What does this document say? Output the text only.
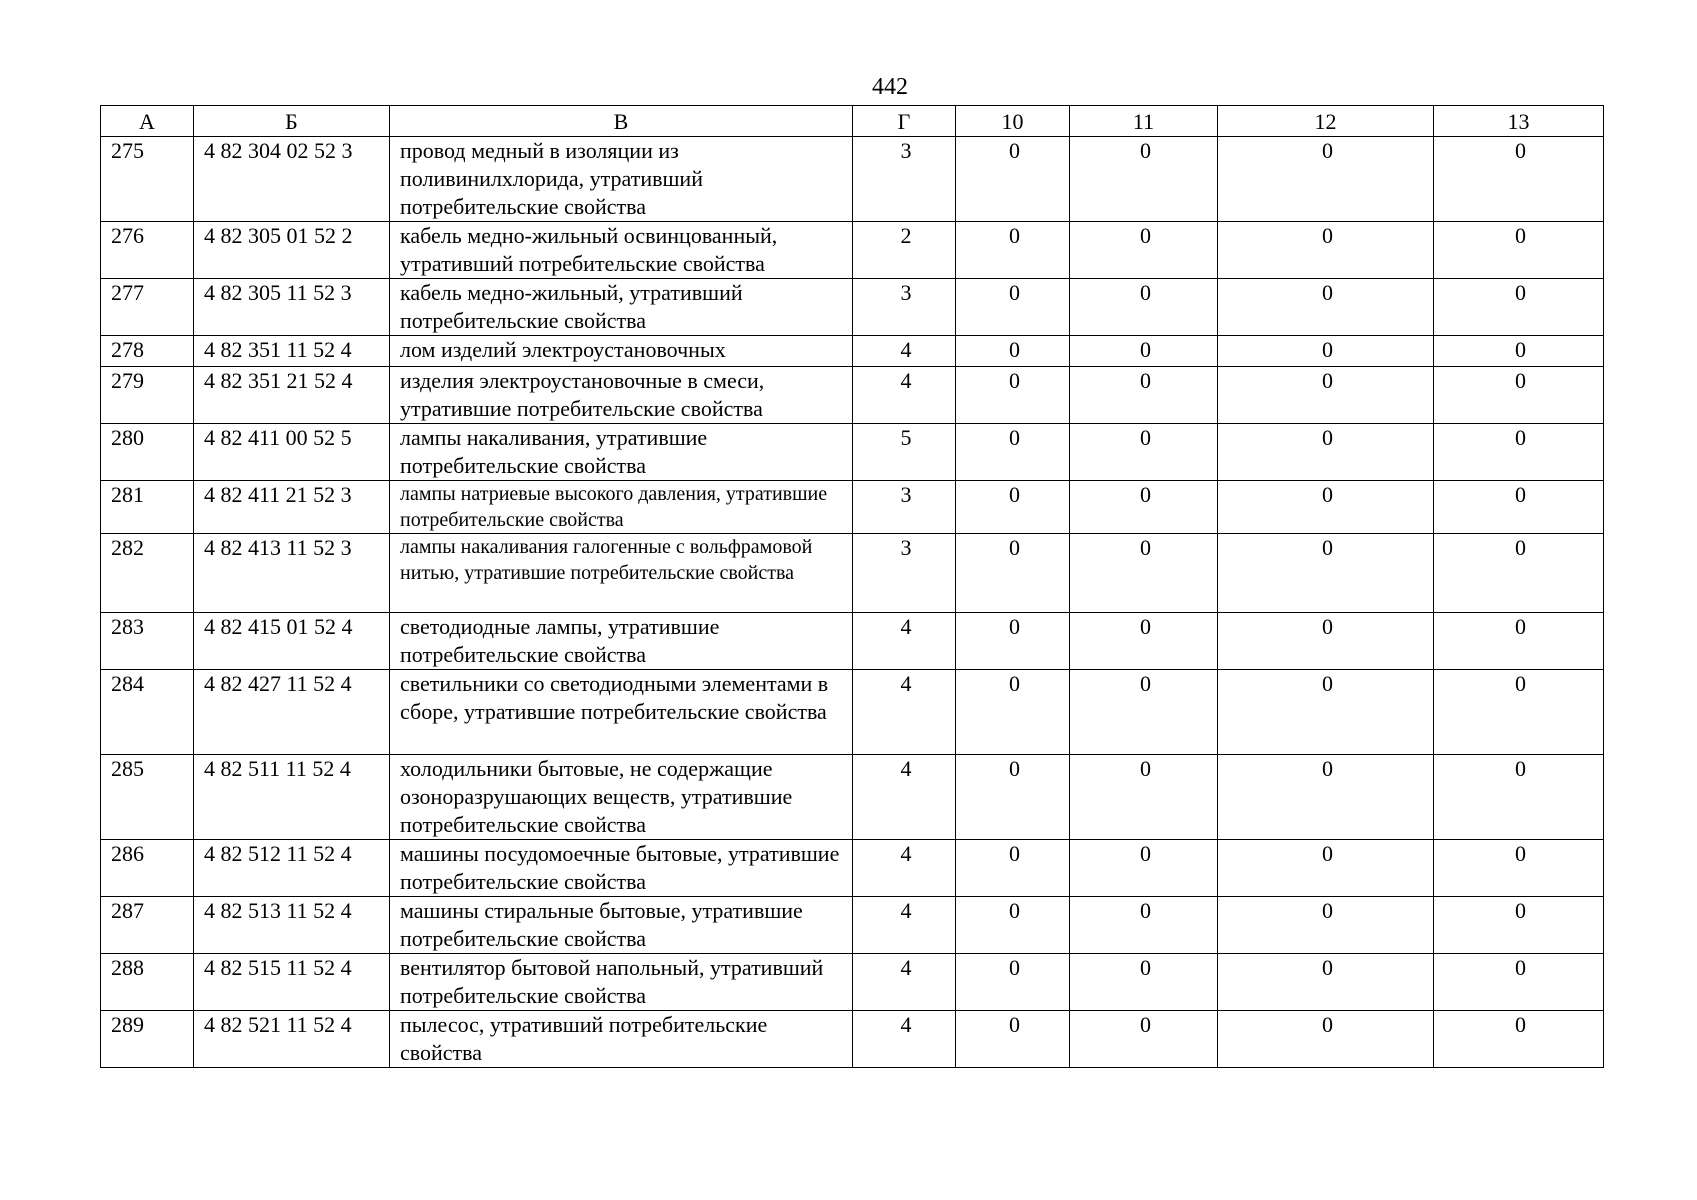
442
А	Б	В	Г	10	11	12	13
275	4 82 304 02 52 3	провод медный в изоляции из поливинилхлорида, утративший потребительские свойства	3	0	0	0	0
276	4 82 305 01 52 2	кабель медно-жильный освинцованный, утративший потребительские свойства	2	0	0	0	0
277	4 82 305 11 52 3	кабель медно-жильный, утративший потребительские свойства	3	0	0	0	0
278	4 82 351 11 52 4	лом изделий электроустановочных	4	0	0	0	0
279	4 82 351 21 52 4	изделия электроустановочные в смеси, утратившие потребительские свойства	4	0	0	0	0
280	4 82 411 00 52 5	лампы накаливания, утратившие потребительские свойства	5	0	0	0	0
281	4 82 411 21 52 3	лампы натриевые высокого давления, утратившие потребительские свойства	3	0	0	0	0
282	4 82 413 11 52 3	лампы накаливания галогенные с вольфрамовой нитью, утратившие потребительские свойства	3	0	0	0	0
283	4 82 415 01 52 4	светодиодные лампы, утратившие потребительские свойства	4	0	0	0	0
284	4 82 427 11 52 4	светильники со светодиодными элементами в сборе, утратившие потребительские свойства	4	0	0	0	0
285	4 82 511 11 52 4	холодильники бытовые, не содержащие озоноразрушающих веществ, утратившие потребительские свойства	4	0	0	0	0
286	4 82 512 11 52 4	машины посудомоечные бытовые, утратившие потребительские свойства	4	0	0	0	0
287	4 82 513 11 52 4	машины стиральные бытовые, утратившие потребительские свойства	4	0	0	0	0
288	4 82 515 11 52 4	вентилятор бытовой напольный, утративший потребительские свойства	4	0	0	0	0
289	4 82 521 11 52 4	пылесос, утративший потребительские свойства	4	0	0	0	0
